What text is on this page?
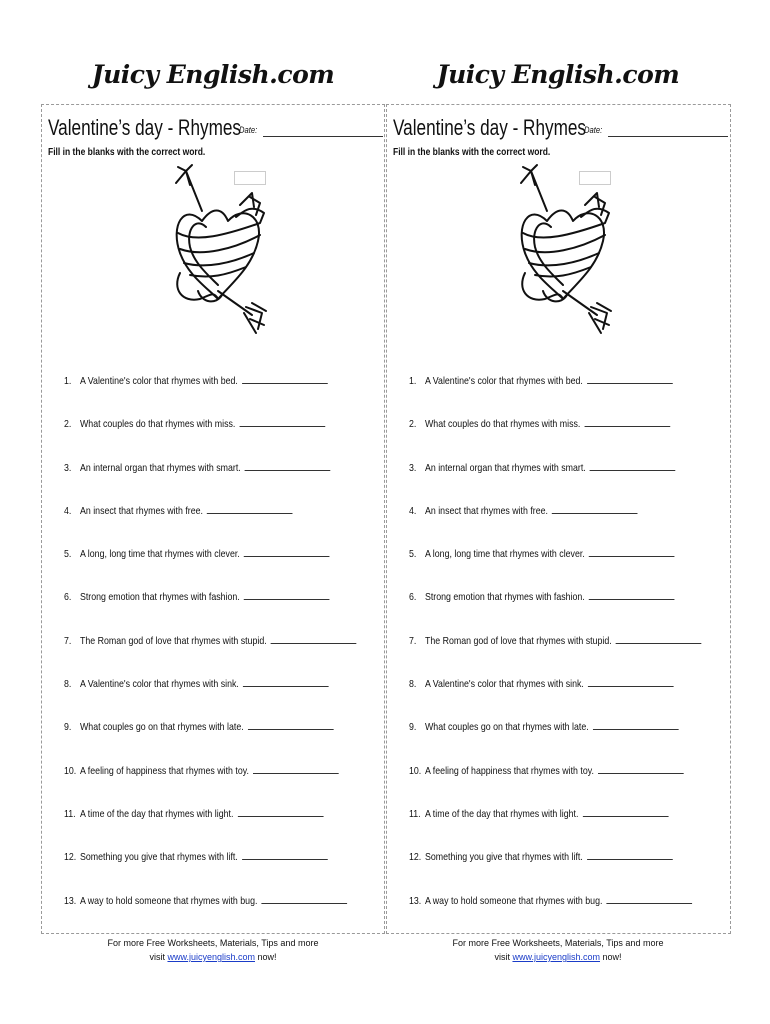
Juicy English.com
Valentine’s day - Rhymes
Date:
Fill in the blanks with the correct word.
1. A Valentine's color that rhymes with bed.
2. What couples do that rhymes with miss.
3. An internal organ that rhymes with smart.
4. An insect that rhymes with free.
5. A long, long time that rhymes with clever.
6. Strong emotion that rhymes with fashion.
7. The Roman god of love that rhymes with stupid.
8. A Valentine's color that rhymes with sink.
9. What couples go on that rhymes with late.
10. A feeling of happiness that rhymes with toy.
11. A time of the day that rhymes with light.
12. Something you give that rhymes with lift.
13. A way to hold someone that rhymes with bug.
For more Free Worksheets, Materials, Tips and more
visit www.juicyenglish.com now!
Juicy English.com
Valentine’s day - Rhymes
Date:
Fill in the blanks with the correct word.
1. A Valentine's color that rhymes with bed.
2. What couples do that rhymes with miss.
3. An internal organ that rhymes with smart.
4. An insect that rhymes with free.
5. A long, long time that rhymes with clever.
6. Strong emotion that rhymes with fashion.
7. The Roman god of love that rhymes with stupid.
8. A Valentine's color that rhymes with sink.
9. What couples go on that rhymes with late.
10. A feeling of happiness that rhymes with toy.
11. A time of the day that rhymes with light.
12. Something you give that rhymes with lift.
13. A way to hold someone that rhymes with bug.
For more Free Worksheets, Materials, Tips and more
visit www.juicyenglish.com now!
